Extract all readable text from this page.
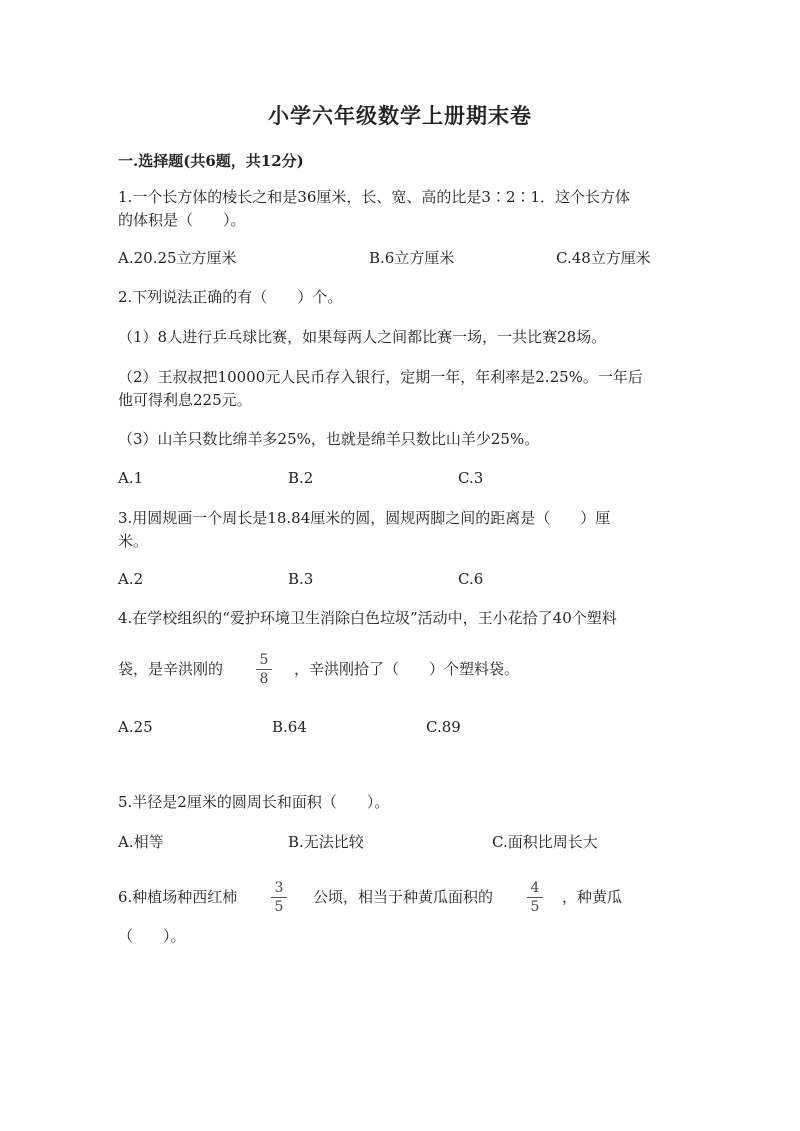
小学六年级数学上册期末卷
一.选择题(共6题，共12分)
1.一个长方体的棱长之和是36厘米，长、宽、高的比是3∶2∶1．这个长方体
的体积是（　　）。
A.20.25立方厘米	B.6立方厘米	C.48立方厘米
2.下列说法正确的有（　　）个。
（1）8人进行乒乓球比赛，如果每两人之间都比赛一场，一共比赛28场。
（2）王叔叔把10000元人民币存入银行，定期一年，年利率是2.25%。一年后
他可得利息225元。
（3）山羊只数比绵羊多25%，也就是绵羊只数比山羊少25%。
A.1	B.2	C.3
3.用圆规画一个周长是18.84厘米的圆，圆规两脚之间的距离是（　　）厘
米。
A.2	B.3	C.6
4.在学校组织的“爱护环境卫生消除白色垃圾”活动中，王小花拾了40个塑料
袋，是辛洪刚的	5
8
，辛洪刚拾了（　　）个塑料袋。
A.25	B.64	C.89
5.半径是2厘米的圆周长和面积（　　）。
A.相等	B.无法比较	C.面积比周长大
6.种植场种西红柿	3
5
公顷，相当于种黄瓜面积的	4
5
，种黄瓜
（　　）。
